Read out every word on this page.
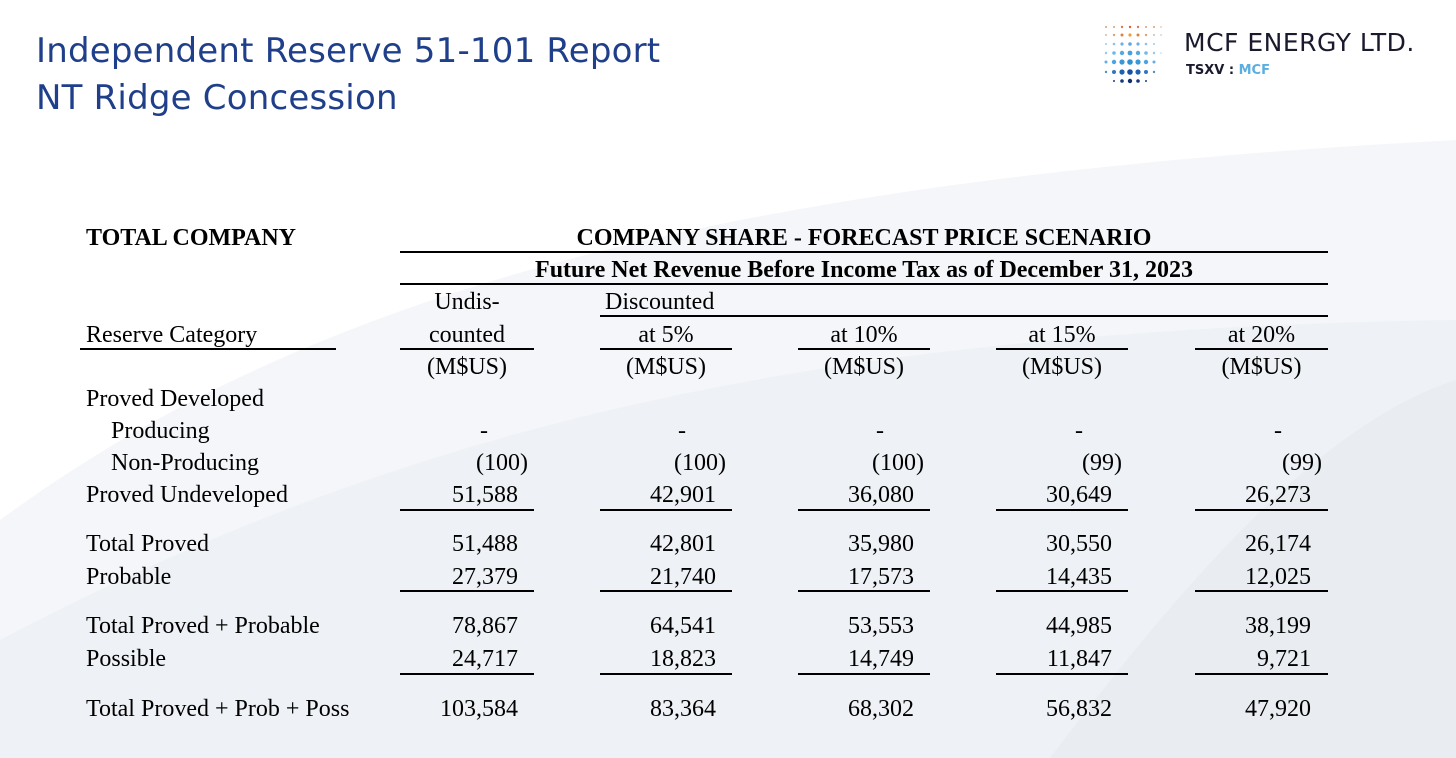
Independent Reserve 51-101 Report
NT Ridge Concession
MCF ENERGY LTD.
TSXV : MCF
TOTAL COMPANY	COMPANY SHARE - FORECAST PRICE SCENARIO
Future Net Revenue Before Income Tax as of December 31, 2023
Undis-	Discounted
Reserve Category	counted	at 5%	at 10%	at 15%	at 20%
(M$US)	(M$US)	(M$US)	(M$US)	(M$US)
Proved Developed
Producing	-	-	-	-	-
Non-Producing	(100)	(100)	(100)	(99)	(99)
Proved Undeveloped	51,588	42,901	36,080	30,649	26,273
Total Proved	51,488	42,801	35,980	30,550	26,174
Probable	27,379	21,740	17,573	14,435	12,025
Total Proved + Probable	78,867	64,541	53,553	44,985	38,199
Possible	24,717	18,823	14,749	11,847	9,721
Total Proved + Prob + Poss	103,584	83,364	68,302	56,832	47,920
